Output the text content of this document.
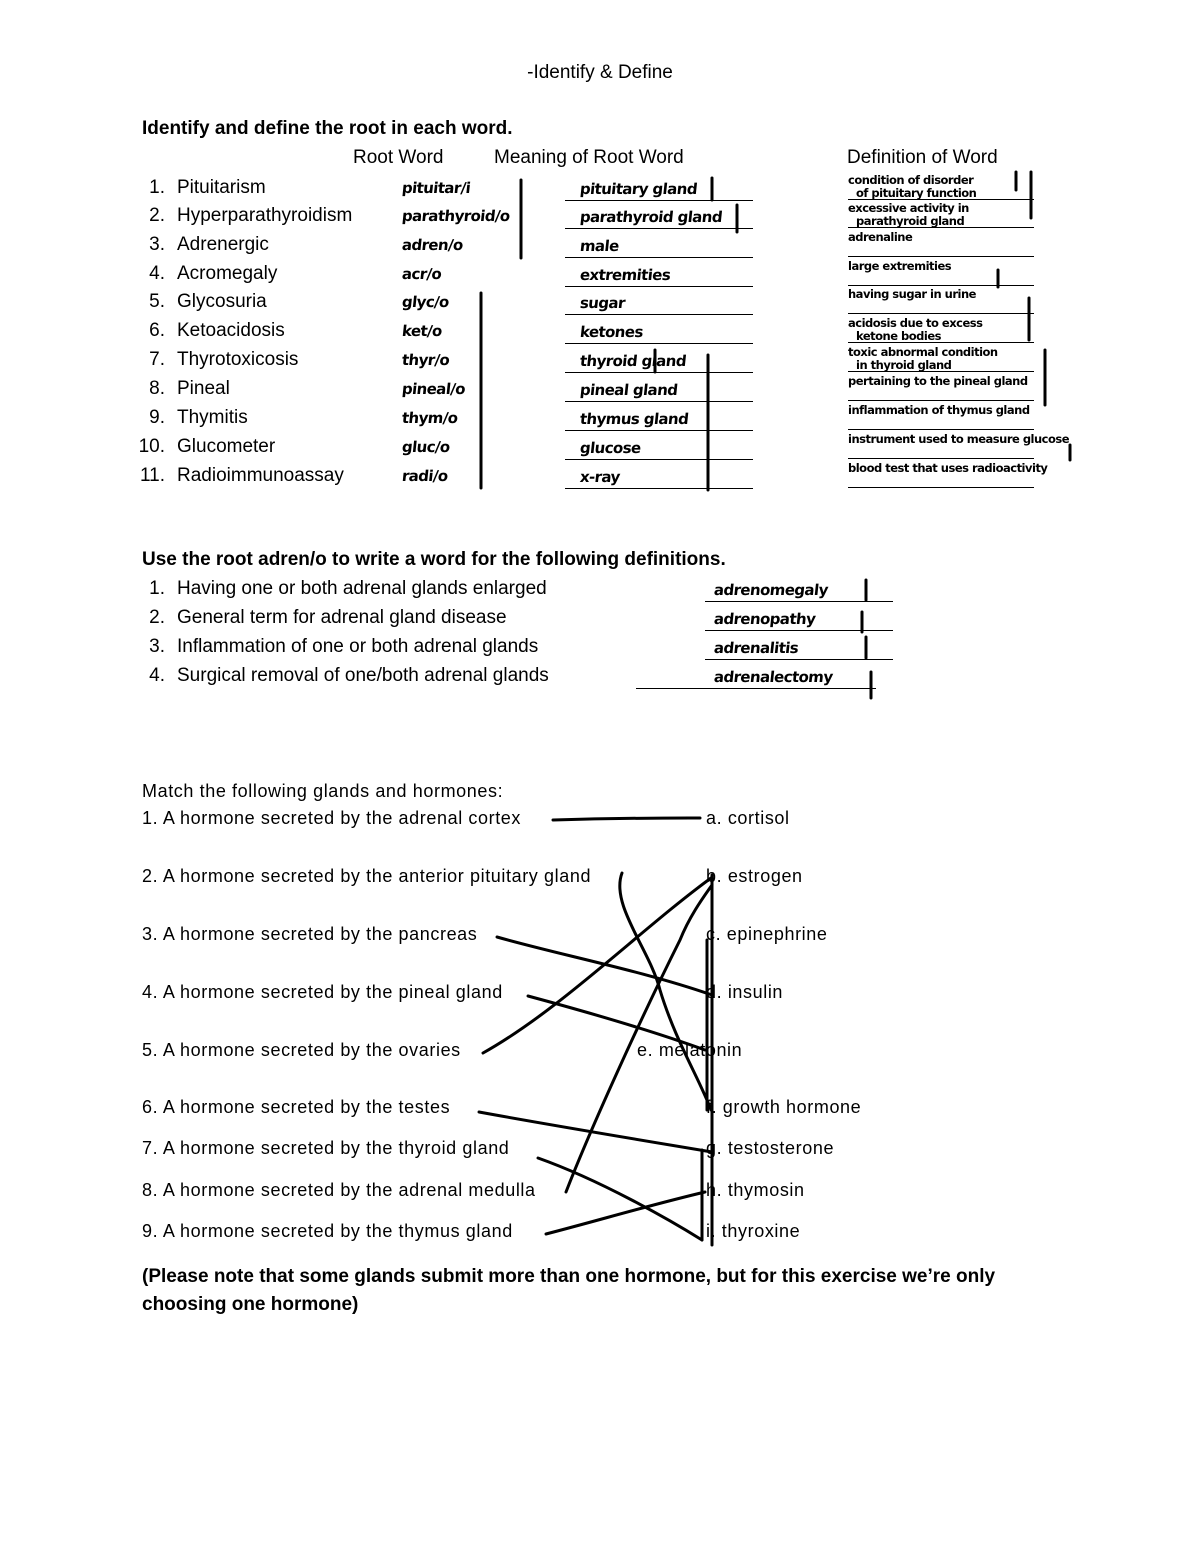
-Identify & Define
Identify and define the root in each word.
Root Word	Meaning of Root Word	Definition of Word
1. Pituitarism	pituitar/i	pituitary gland	condition of disorder
of pituitary function
2. Hyperparathyroidism	parathyroid/o	parathyroid gland	excessive activity in
parathyroid gland
3. Adrenergic	adren/o	male	adrenaline
4. Acromegaly	acr/o	extremities	large extremities
5. Glycosuria	glyc/o	sugar	having sugar in urine
6. Ketoacidosis	ket/o	ketones	acidosis due to excess
ketone bodies
7. Thyrotoxicosis	thyr/o	thyroid gland	toxic abnormal condition
in thyroid gland
8. Pineal	pineal/o	pineal gland	pertaining to the pineal gland
9. Thymitis	thym/o	thymus gland	inflammation of thymus gland
10. Glucometer	gluc/o	glucose	instrument used to measure glucose
11. Radioimmunoassay	radi/o	x-ray	blood test that uses radioactivity
Use the root adren/o to write a word for the following definitions.
1. Having one or both adrenal glands enlarged	adrenomegaly
2. General term for adrenal gland disease	adrenopathy
3. Inflammation of one or both adrenal glands	adrenalitis
4. Surgical removal of one/both adrenal glands	adrenalectomy
Match the following glands and hormones:
1. A hormone secreted by the adrenal cortex
2. A hormone secreted by the anterior pituitary gland
3. A hormone secreted by the pancreas
4. A hormone secreted by the pineal gland
5. A hormone secreted by the ovaries
6. A hormone secreted by the testes
7. A hormone secreted by the thyroid gland
8. A hormone secreted by the adrenal medulla
9. A hormone secreted by the thymus gland
a. cortisol
b. estrogen
c. epinephrine
d. insulin
e. melatonin
f. growth hormone
g. testosterone
h. thymosin
i. thyroxine
(Please note that some glands submit more than one hormone, but for this exercise we’re only choosing one hormone)
